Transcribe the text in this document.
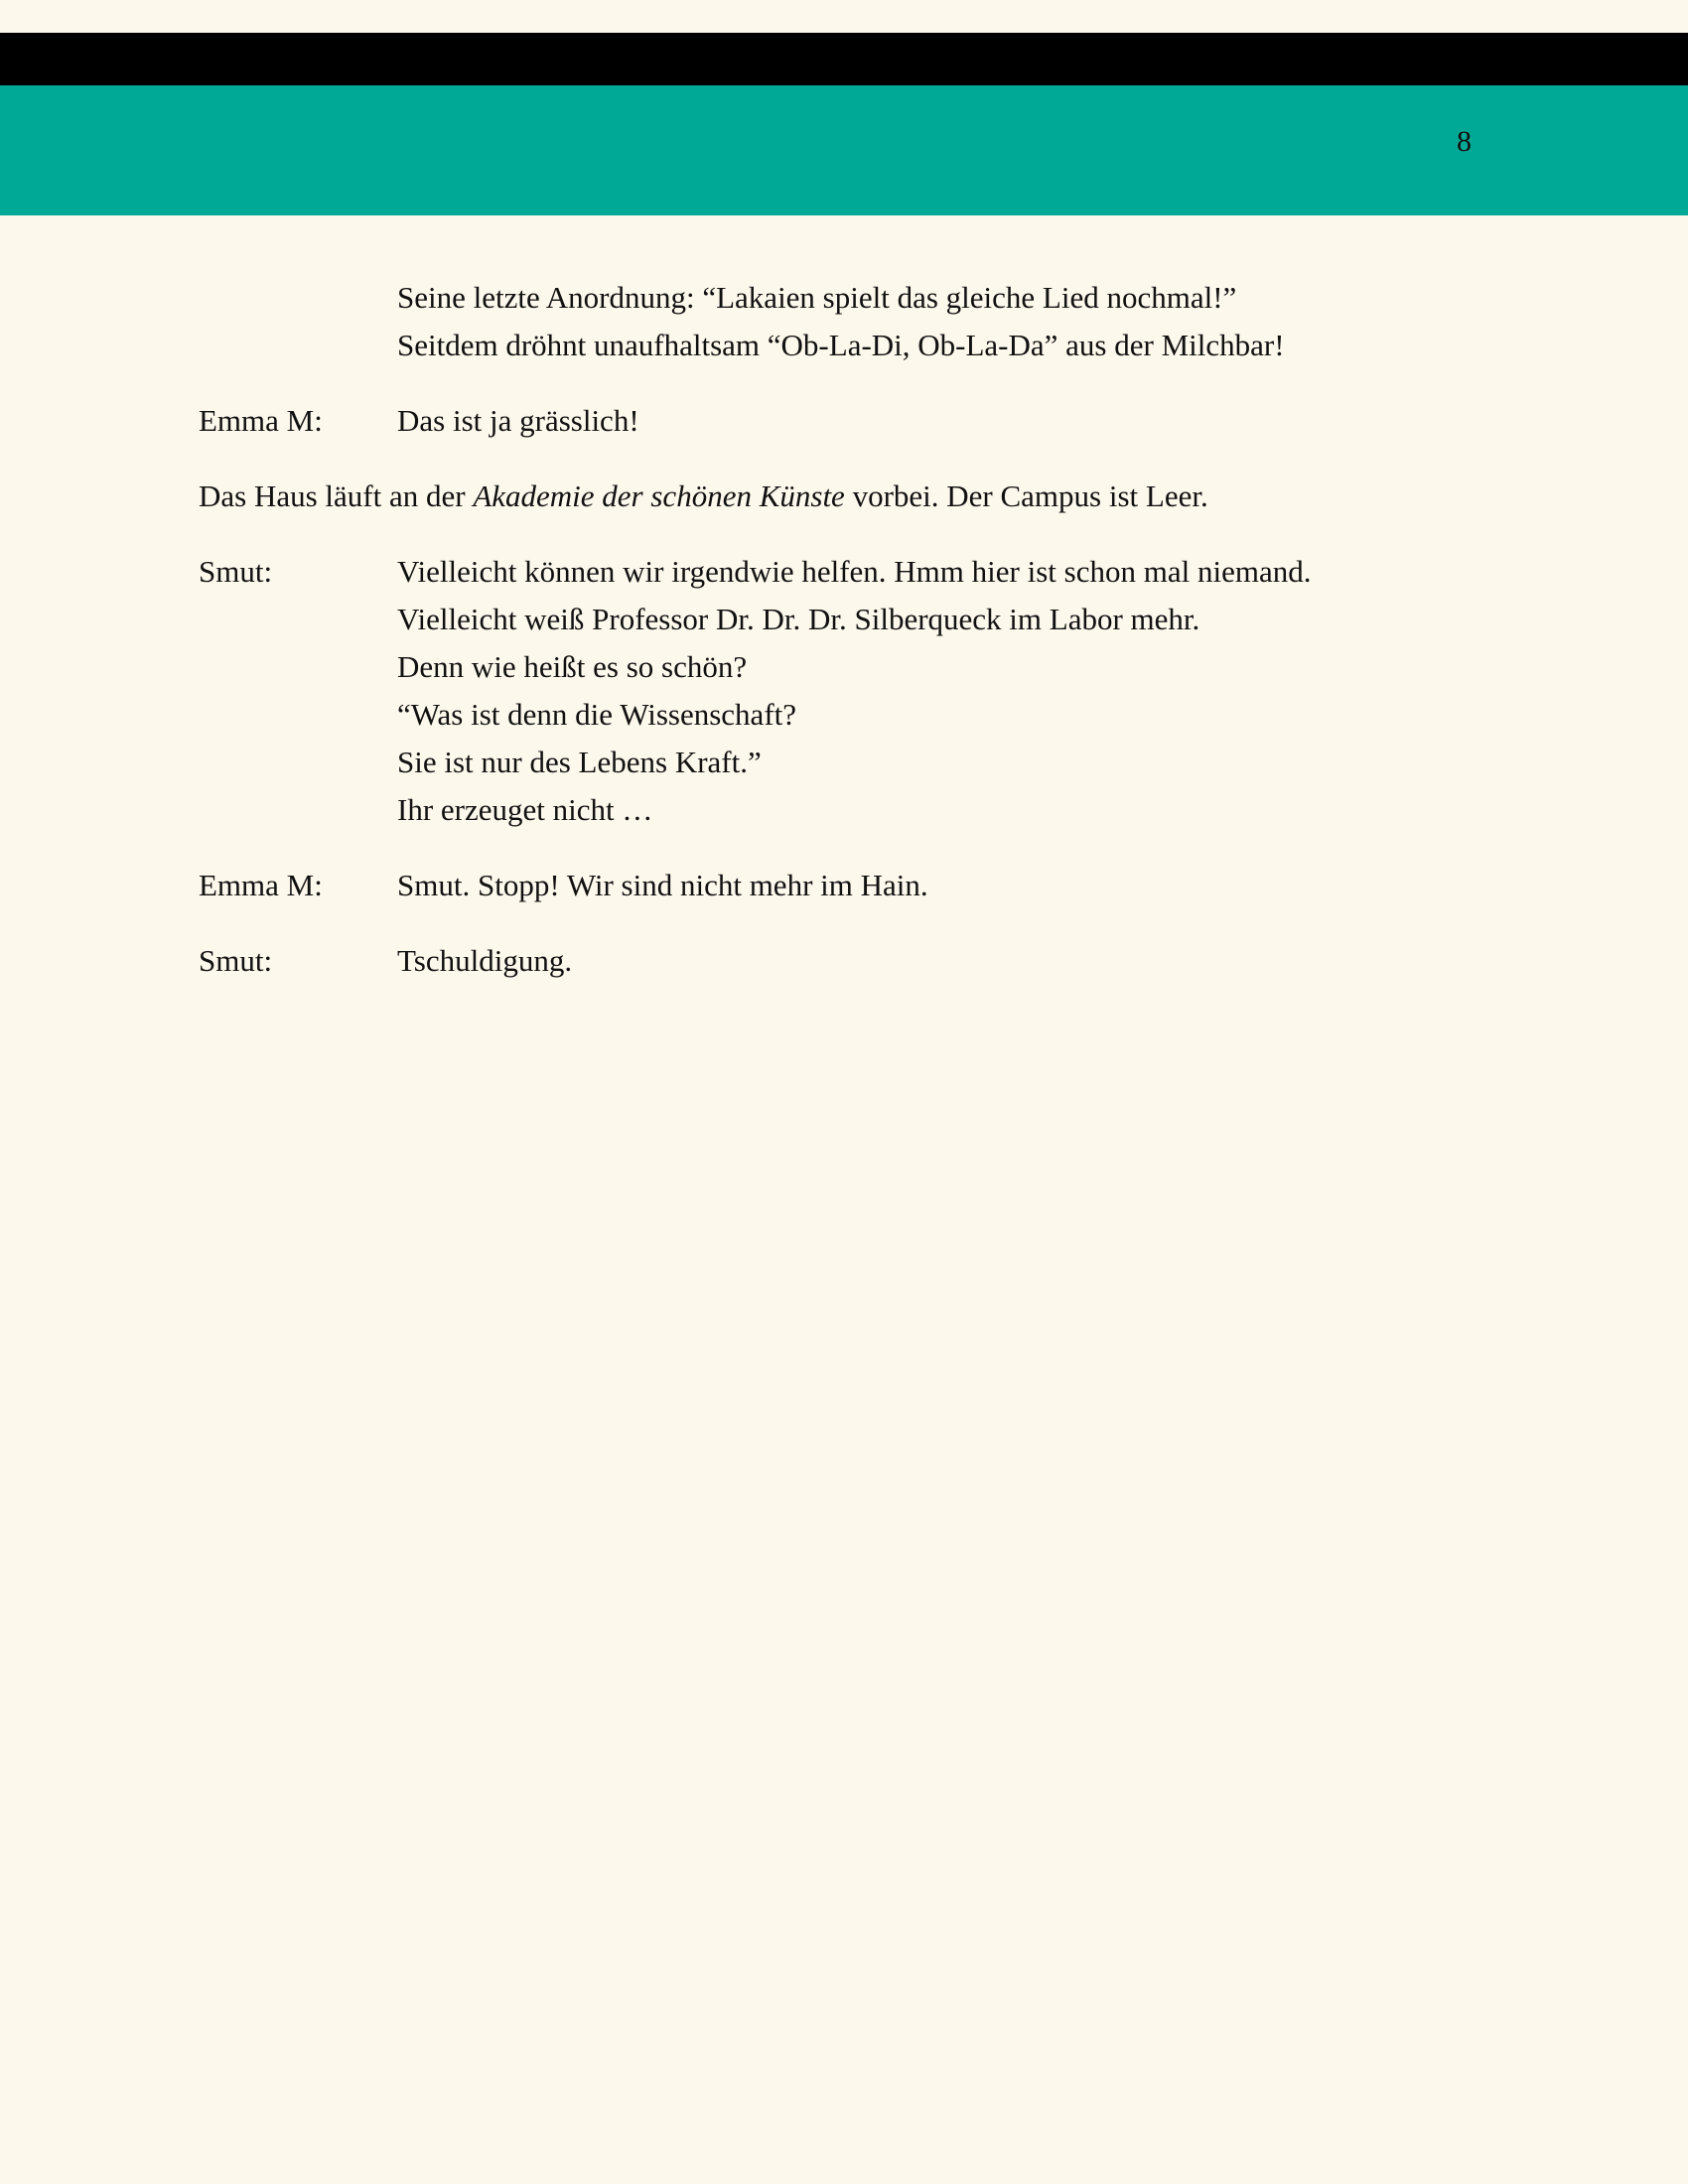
8
Seine letzte Anordnung: “Lakaien spielt das gleiche Lied nochmal!”
Seitdem dröhnt unaufhaltsam “Ob-La-Di, Ob-La-Da” aus der Milchbar!
Emma M:	Das ist ja grässlich!
Das Haus läuft an der Akademie der schönen Künste vorbei. Der Campus ist Leer.
Smut:	Vielleicht können wir irgendwie helfen. Hmm hier ist schon mal niemand.
Vielleicht weiß Professor Dr. Dr. Dr. Silberqueck im Labor mehr.
Denn wie heißt es so schön?
“Was ist denn die Wissenschaft?
Sie ist nur des Lebens Kraft.”
Ihr erzeuget nicht …
Emma M:	Smut. Stopp! Wir sind nicht mehr im Hain.
Smut:	Tschuldigung.
